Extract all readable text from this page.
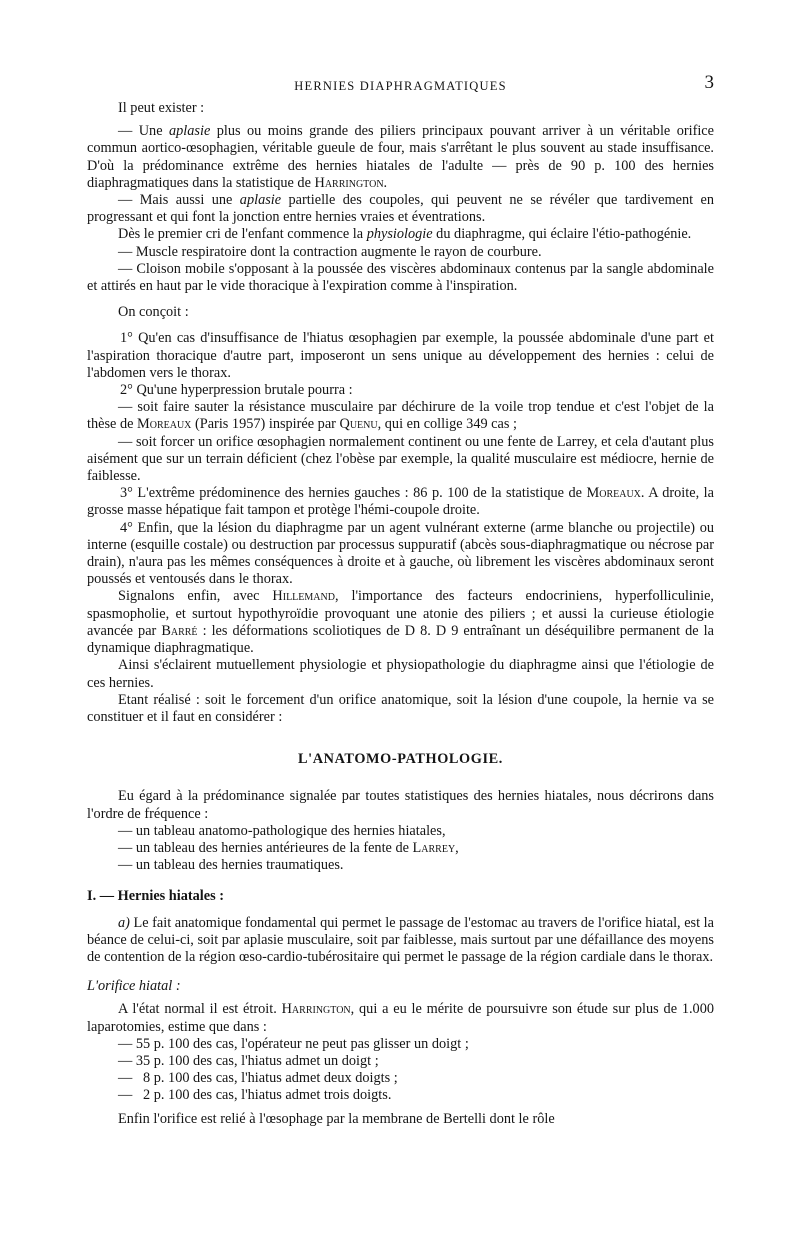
HERNIES DIAPHRAGMATIQUES	3

Il peut exister :

— Une aplasie plus ou moins grande des piliers principaux pouvant arriver à un véritable orifice commun aortico-œsophagien, véritable gueule de four, mais s'arrêtant le plus souvent au stade insuffisance. D'où la prédominance extrême des hernies hiatales de l'adulte — près de 90 p. 100 des hernies diaphragmatiques dans la statistique de Harrington.

— Mais aussi une aplasie partielle des coupoles, qui peuvent ne se révéler que tardivement en progressant et qui font la jonction entre hernies vraies et éventrations.

Dès le premier cri de l'enfant commence la physiologie du diaphragme, qui éclaire l'étio-pathogénie.

— Muscle respiratoire dont la contraction augmente le rayon de courbure.

— Cloison mobile s'opposant à la poussée des viscères abdominaux contenus par la sangle abdominale et attirés en haut par le vide thoracique à l'expiration comme à l'inspiration.

On conçoit :

1° Qu'en cas d'insuffisance de l'hiatus œsophagien par exemple, la poussée abdominale d'une part et l'aspiration thoracique d'autre part, imposeront un sens unique au développement des hernies : celui de l'abdomen vers le thorax.

2° Qu'une hyperpression brutale pourra :

— soit faire sauter la résistance musculaire par déchirure de la voile trop tendue et c'est l'objet de la thèse de Moreaux (Paris 1957) inspirée par Quenu, qui en collige 349 cas ;

— soit forcer un orifice œsophagien normalement continent ou une fente de Larrey, et cela d'autant plus aisément que sur un terrain déficient (chez l'obèse par exemple, la qualité musculaire est médiocre, hernie de faiblesse.

3° L'extrême prédominence des hernies gauches : 86 p. 100 de la statistique de Moreaux. A droite, la grosse masse hépatique fait tampon et protège l'hémi-coupole droite.

4° Enfin, que la lésion du diaphragme par un agent vulnérant externe (arme blanche ou projectile) ou interne (esquille costale) ou destruction par processus suppuratif (abcès sous-diaphragmatique ou nécrose par drain), n'aura pas les mêmes conséquences à droite et à gauche, où librement les viscères abdominaux seront poussés et ventousés dans le thorax.

Signalons enfin, avec Hillemand, l'importance des facteurs endocriniens, hyperfolliculinie, spasmopholie, et surtout hypothyroïdie provoquant une atonie des piliers ; et aussi la curieuse étiologie avancée par Barré : les déformations scoliotiques de D 8. D 9 entraînant un déséquilibre permanent de la dynamique diaphragmatique.

Ainsi s'éclairent mutuellement physiologie et physiopathologie du diaphragme ainsi que l'étiologie de ces hernies.

Etant réalisé : soit le forcement d'un orifice anatomique, soit la lésion d'une coupole, la hernie va se constituer et il faut en considérer :

L'ANATOMO-PATHOLOGIE.

Eu égard à la prédominance signalée par toutes statistiques des hernies hiatales, nous décrirons dans l'ordre de fréquence :

— un tableau anatomo-pathologique des hernies hiatales,

— un tableau des hernies antérieures de la fente de Larrey,

— un tableau des hernies traumatiques.

I. — Hernies hiatales :

a) Le fait anatomique fondamental qui permet le passage de l'estomac au travers de l'orifice hiatal, est la béance de celui-ci, soit par aplasie musculaire, soit par faiblesse, mais surtout par une défaillance des moyens de contention de la région œso-cardio-tubérositaire qui permet le passage de la région cardiale dans le thorax.

L'orifice hiatal :

A l'état normal il est étroit. Harrington, qui a eu le mérite de poursuivre son étude sur plus de 1.000 laparotomies, estime que dans :

— 55 p. 100 des cas, l'opérateur ne peut pas glisser un doigt ;

— 35 p. 100 des cas, l'hiatus admet un doigt ;

—   8 p. 100 des cas, l'hiatus admet deux doigts ;

—   2 p. 100 des cas, l'hiatus admet trois doigts.

Enfin l'orifice est relié à l'œsophage par la membrane de Bertelli dont le rôle
